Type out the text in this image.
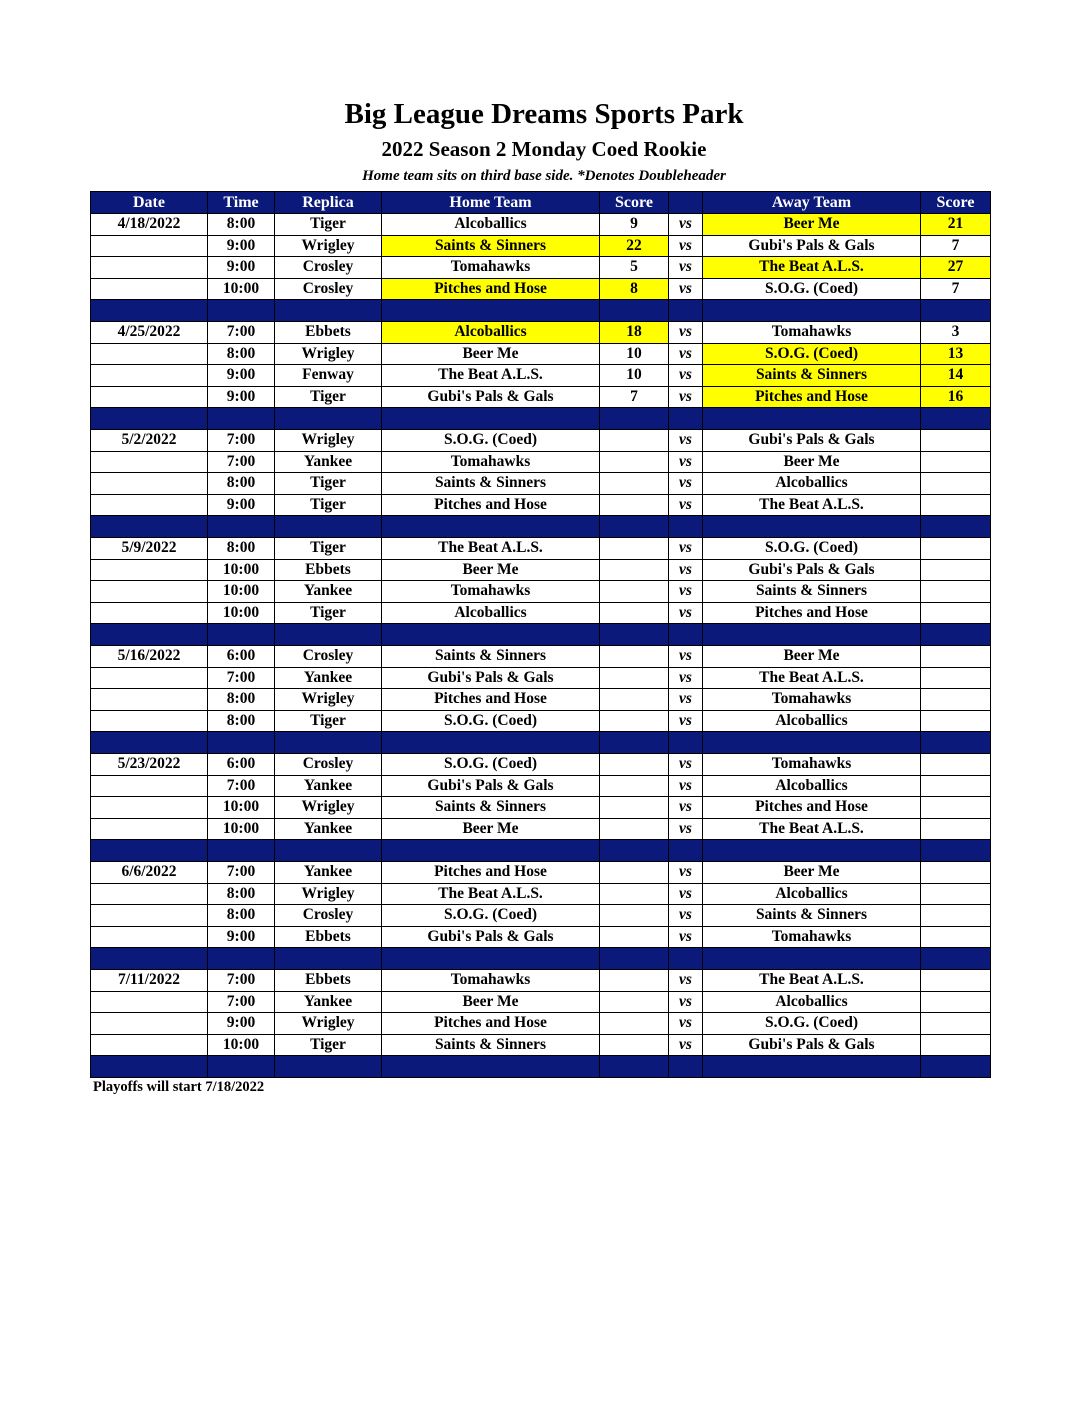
Big League Dreams Sports Park
2022 Season 2 Monday Coed Rookie
Home team sits on third base side. *Denotes Doubleheader
Date	Time	Replica	Home Team	Score		Away Team	Score
4/18/2022	8:00	Tiger	Alcoballics	9	vs	Beer Me	21
	9:00	Wrigley	Saints & Sinners	22	vs	Gubi's Pals & Gals	7
	9:00	Crosley	Tomahawks	5	vs	The Beat A.L.S.	27
	10:00	Crosley	Pitches and Hose	8	vs	S.O.G. (Coed)	7

4/25/2022	7:00	Ebbets	Alcoballics	18	vs	Tomahawks	3
	8:00	Wrigley	Beer Me	10	vs	S.O.G. (Coed)	13
	9:00	Fenway	The Beat A.L.S.	10	vs	Saints & Sinners	14
	9:00	Tiger	Gubi's Pals & Gals	7	vs	Pitches and Hose	16

5/2/2022	7:00	Wrigley	S.O.G. (Coed)		vs	Gubi's Pals & Gals	
	7:00	Yankee	Tomahawks		vs	Beer Me	
	8:00	Tiger	Saints & Sinners		vs	Alcoballics	
	9:00	Tiger	Pitches and Hose		vs	The Beat A.L.S.	

5/9/2022	8:00	Tiger	The Beat A.L.S.		vs	S.O.G. (Coed)	
	10:00	Ebbets	Beer Me		vs	Gubi's Pals & Gals	
	10:00	Yankee	Tomahawks		vs	Saints & Sinners	
	10:00	Tiger	Alcoballics		vs	Pitches and Hose	

5/16/2022	6:00	Crosley	Saints & Sinners		vs	Beer Me	
	7:00	Yankee	Gubi's Pals & Gals		vs	The Beat A.L.S.	
	8:00	Wrigley	Pitches and Hose		vs	Tomahawks	
	8:00	Tiger	S.O.G. (Coed)		vs	Alcoballics	

5/23/2022	6:00	Crosley	S.O.G. (Coed)		vs	Tomahawks	
	7:00	Yankee	Gubi's Pals & Gals		vs	Alcoballics	
	10:00	Wrigley	Saints & Sinners		vs	Pitches and Hose	
	10:00	Yankee	Beer Me		vs	The Beat A.L.S.	

6/6/2022	7:00	Yankee	Pitches and Hose		vs	Beer Me	
	8:00	Wrigley	The Beat A.L.S.		vs	Alcoballics	
	8:00	Crosley	S.O.G. (Coed)		vs	Saints & Sinners	
	9:00	Ebbets	Gubi's Pals & Gals		vs	Tomahawks	

7/11/2022	7:00	Ebbets	Tomahawks		vs	The Beat A.L.S.	
	7:00	Yankee	Beer Me		vs	Alcoballics	
	9:00	Wrigley	Pitches and Hose		vs	S.O.G. (Coed)	
	10:00	Tiger	Saints & Sinners		vs	Gubi's Pals & Gals	

Playoffs will start 7/18/2022
